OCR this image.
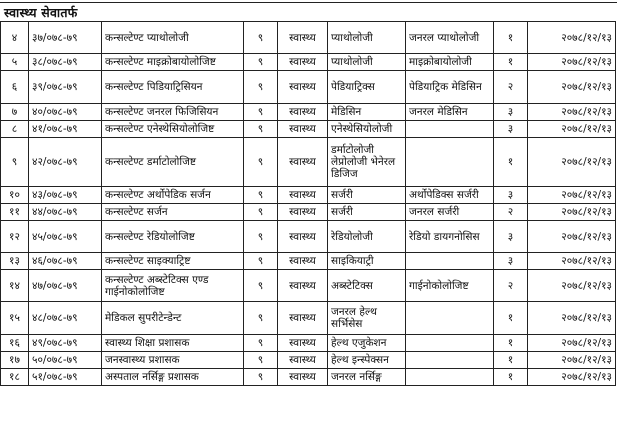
स्वास्थ्य सेवातर्फ
४	३७/०७८-७९	कन्सल्टेण्ट प्याथोलोजी	९	स्वास्थ्य	प्याथोलोजी	जनरल प्याथोलोजी	१	२०७८/१२/१३
५	३८/०७८-७९	कन्सल्टेण्ट माइक्रोबायोलोजिष्ट	९	स्वास्थ्य	प्याथोलोजी	माइक्रोबायोलोजी	१	२०७८/१२/१३
६	३९/०७८-७९	कन्सल्टेण्ट पिडियाट्रिसियन	९	स्वास्थ्य	पेडियाट्रिक्स	पेडियाट्रिक मेडिसिन	२	२०७८/१२/१३
७	४०/०७८-७९	कन्सल्टेण्ट जनरल फिजिसियन	९	स्वास्थ्य	मेडिसिन	जनरल मेडिसिन	३	२०७८/१२/१३
८	४१/०७८-७९	कन्सल्टेण्ट एनेस्थेसियोलोजिष्ट	९	स्वास्थ्य	एनेस्थेसियोलोजी		३	२०७८/१२/१३
९	४२/०७८-७९	कन्सल्टेण्ट डर्माटोलोजिष्ट	९	स्वास्थ्य	डर्माटोलोजी लेप्रोलोजी भेनेरल डिजिज		१	२०७८/१२/१३
१०	४३/०७८-७९	कन्सल्टेण्ट अर्थोपेडिक सर्जन	९	स्वास्थ्य	सर्जरी	अर्थोपेडिक्स सर्जरी	३	२०७८/१२/१३
११	४४/०७८-७९	कन्सल्टेण्ट सर्जन	९	स्वास्थ्य	सर्जरी	जनरल सर्जरी	२	२०७८/१२/१३
१२	४५/०७८-७९	कन्सल्टेण्ट रेडियोलोजिष्ट	९	स्वास्थ्य	रेडियोलोजी	रेडियो डायगनोसिस	३	२०७८/१२/१३
१३	४६/०७८-७९	कन्सल्टेण्ट साइक्याट्रिष्ट	९	स्वास्थ्य	साइकियाट्री		३	२०७८/१२/१३
१४	४७/०७८-७९	कन्सल्टेण्ट अब्स्टेटिक्स एण्ड गाईनोकोलोजिष्ट	९	स्वास्थ्य	अब्स्टेटिक्स	गाईनोकोलोजिष्ट	२	२०७८/१२/१३
१५	४८/०७८-७९	मेडिकल सुपरीटेन्डेन्ट	९	स्वास्थ्य	जनरल हेल्थ सर्भिसेस		१	२०७८/१२/१३
१६	४९/०७८-७९	स्वास्थ्य शिक्षा प्रशासक	९	स्वास्थ्य	हेल्थ एजुकेशन		१	२०७८/१२/१३
१७	५०/०७८-७९	जनस्वास्थ्य प्रशासक	९	स्वास्थ्य	हेल्थ इन्स्पेक्सन		१	२०७८/१२/१३
१८	५१/०७८-७९	अस्पताल नर्सिङ्ग प्रशासक	९	स्वास्थ्य	जनरल नर्सिङ्ग		१	२०७८/१२/१३
